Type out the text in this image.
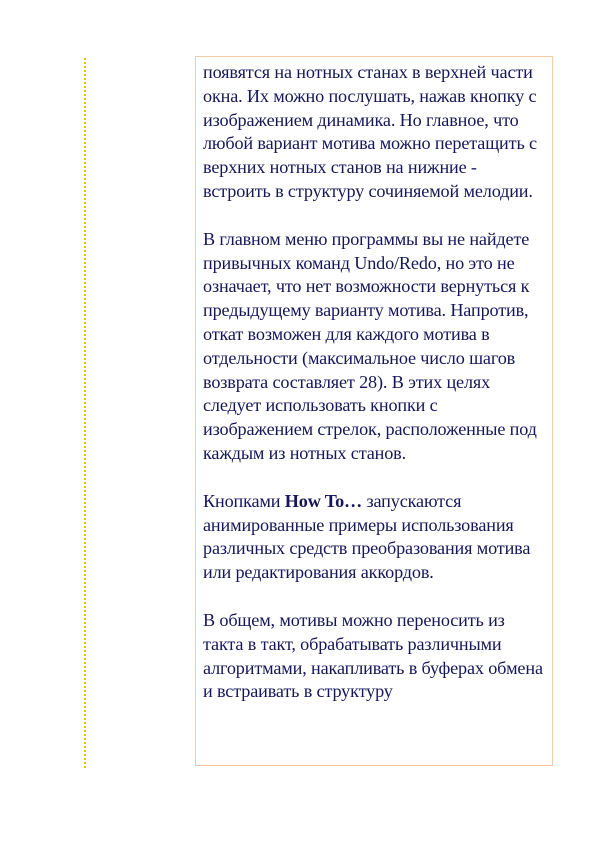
появятся на нотных станах в верхней части окна. Их можно послушать, нажав кнопку с изображением динамика. Но главное, что любой вариант мотива можно перетащить с верхних нотных станов на нижние - встроить в структуру сочиняемой мелодии.

В главном меню программы вы не найдете привычных команд Undo/Redo, но это не означает, что нет возможности вернуться к предыдущему варианту мотива. Напротив, откат возможен для каждого мотива в отдельности (максимальное число шагов возврата составляет 28). В этих целях следует использовать кнопки с изображением стрелок, расположенные под каждым из нотных станов.

Кнопками How To… запускаются анимированные примеры использования различных средств преобразования мотива или редактирования аккордов.

В общем, мотивы можно переносить из такта в такт, обрабатывать различными алгоритмами, накапливать в буферах обмена и встраивать в структуру
